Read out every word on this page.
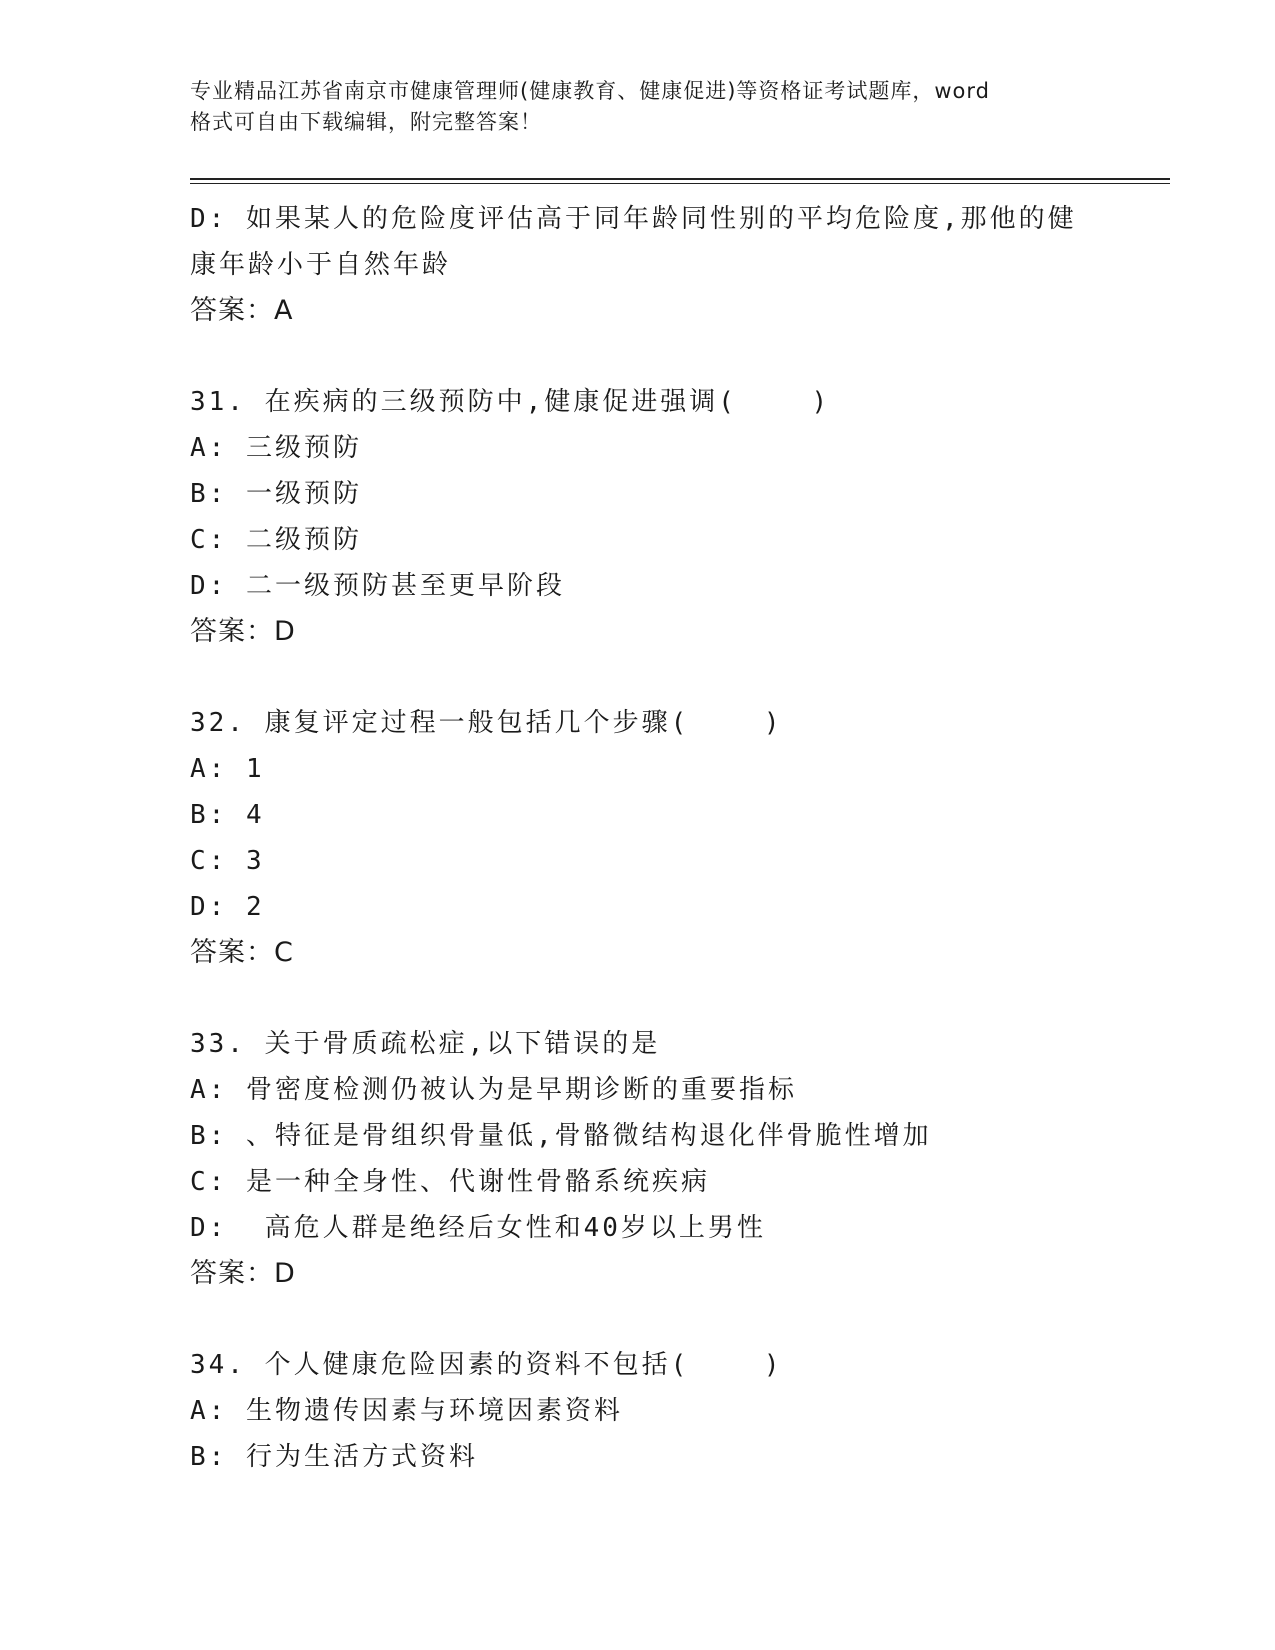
专业精品江苏省南京市健康管理师(健康教育、健康促进)等资格证考试题库，word
格式可自由下载编辑，附完整答案！
D: 如果某人的危险度评估高于同年龄同性别的平均危险度,那他的健
康年龄小于自然年龄
答案：A
31. 在疾病的三级预防中,健康促进强调(    )
A: 三级预防
B: 一级预防
C: 二级预防
D: 二一级预防甚至更早阶段
答案：D
32. 康复评定过程一般包括几个步骤(    )
A: 1
B: 4
C: 3
D: 2
答案：C
33. 关于骨质疏松症,以下错误的是
A: 骨密度检测仍被认为是早期诊断的重要指标
B: 、特征是骨组织骨量低,骨骼微结构退化伴骨脆性增加
C: 是一种全身性、代谢性骨骼系统疾病
D:  高危人群是绝经后女性和40岁以上男性
答案：D
34. 个人健康危险因素的资料不包括(    )
A: 生物遗传因素与环境因素资料
B: 行为生活方式资料
